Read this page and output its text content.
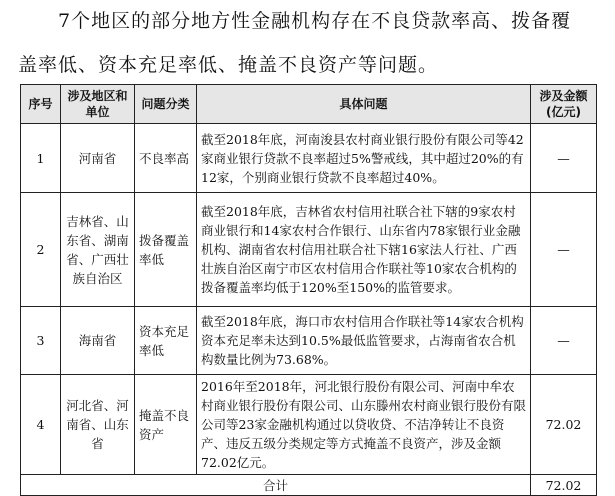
7个地区的部分地方性金融机构存在不良贷款率高、拨备覆
盖率低、资本充足率低、掩盖不良资产等问题。
序号	涉及地区和单位	问题分类	具体问题	涉及金额(亿元)
1	河南省	不良率高	截至2018年底，河南浚县农村商业银行股份有限公司等42家商业银行贷款不良率超过5%警戒线，其中超过20%的有12家，个别商业银行贷款不良率超过40%。	—
2	吉林省、山东省、湖南省、广西壮族自治区	拨备覆盖率低	截至2018年底，吉林省农村信用社联合社下辖的9家农村商业银行和14家农村合作银行、山东省内78家银行业金融机构、湖南省农村信用社联合社下辖16家法人行社、广西壮族自治区南宁市区农村信用合作联社等10家农合机构的拨备覆盖率均低于120%至150%的监管要求。	—
3	海南省	资本充足率低	截至2018年底，海口市农村信用合作联社等14家农合机构资本充足率未达到10.5%最低监管要求，占海南省农合机构数量比例为73.68%。	—
4	河北省、河南省、山东省	掩盖不良资产	2016年至2018年，河北银行股份有限公司、河南中牟农村商业银行股份有限公司、山东滕州农村商业银行股份有限公司等23家金融机构通过以贷收贷、不洁净转让不良资产、违反五级分类规定等方式掩盖不良资产，涉及金额72.02亿元。	72.02
合计				72.02
